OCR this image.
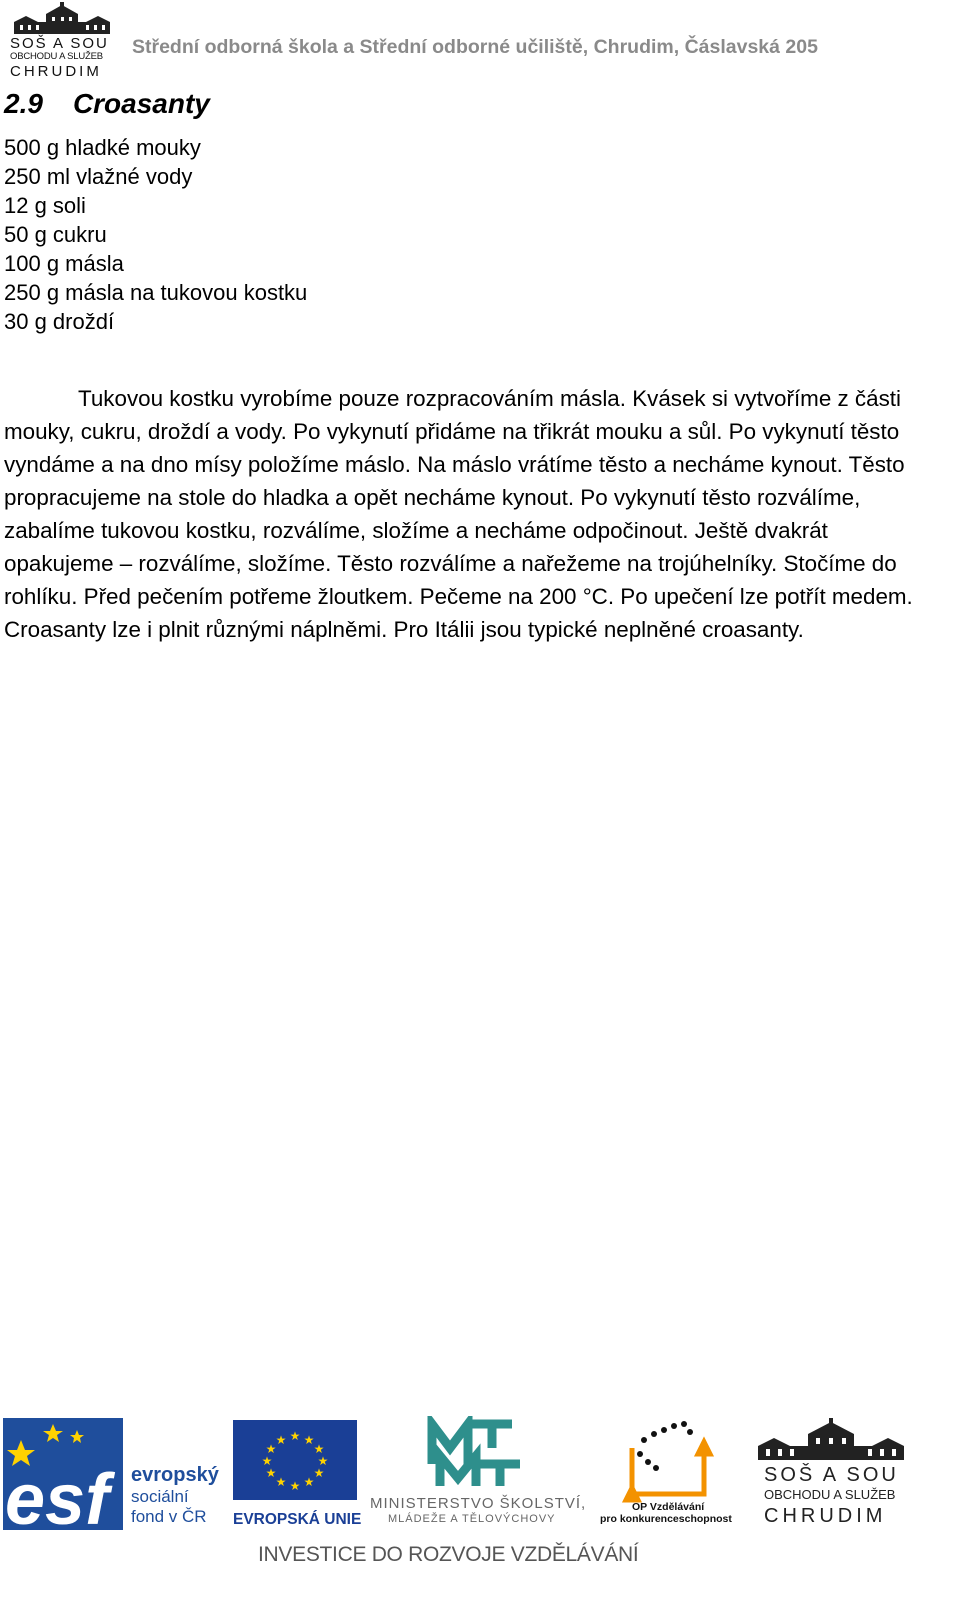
SOŠ A SOU
OBCHODU A SLUŽEB
CHRUDIM
Střední odborná škola a Střední odborné učiliště, Chrudim, Čáslavská 205
2.9 Croasanty
500 g hladké mouky
250 ml vlažné vody
12 g soli
50 g cukru
100 g másla
250 g másla na tukovou kostku
30 g droždí

Tukovou kostku vyrobíme pouze rozpracováním másla. Kvásek si vytvoříme z části mouky, cukru, droždí a vody. Po vykynutí přidáme na třikrát mouku a sůl. Po vykynutí těsto vyndáme a na dno mísy položíme máslo. Na máslo vrátíme těsto a necháme kynout. Těsto propracujeme na stole do hladka a opět necháme kynout. Po vykynutí těsto rozválíme, zabalíme tukovou kostku, rozválíme, složíme a necháme odpočinout. Ještě dvakrát opakujeme – rozválíme, složíme. Těsto rozválíme a nařežeme na trojúhelníky. Stočíme do rohlíku. Před pečením potřeme žloutkem. Pečeme na 200 °C. Po upečení lze potřít medem. Croasanty lze i plnit různými náplněmi. Pro Itálii jsou typické neplněné croasanty.

esf	evropský
sociální
fond v ČR
★ ★
★
★
★
★
★
★
★
★
★
★
EVROPSKÁ UNIE
MINISTERSTVO ŠKOLSTVÍ,
MLÁDEŽE A TĚLOVÝCHOVY
OP Vzdělávání
pro konkurenceschopnost
SOŠ A SOU
OBCHODU A SLUŽEB
CHRUDIM
INVESTICE DO ROZVOJE VZDĚLÁVÁNÍ
